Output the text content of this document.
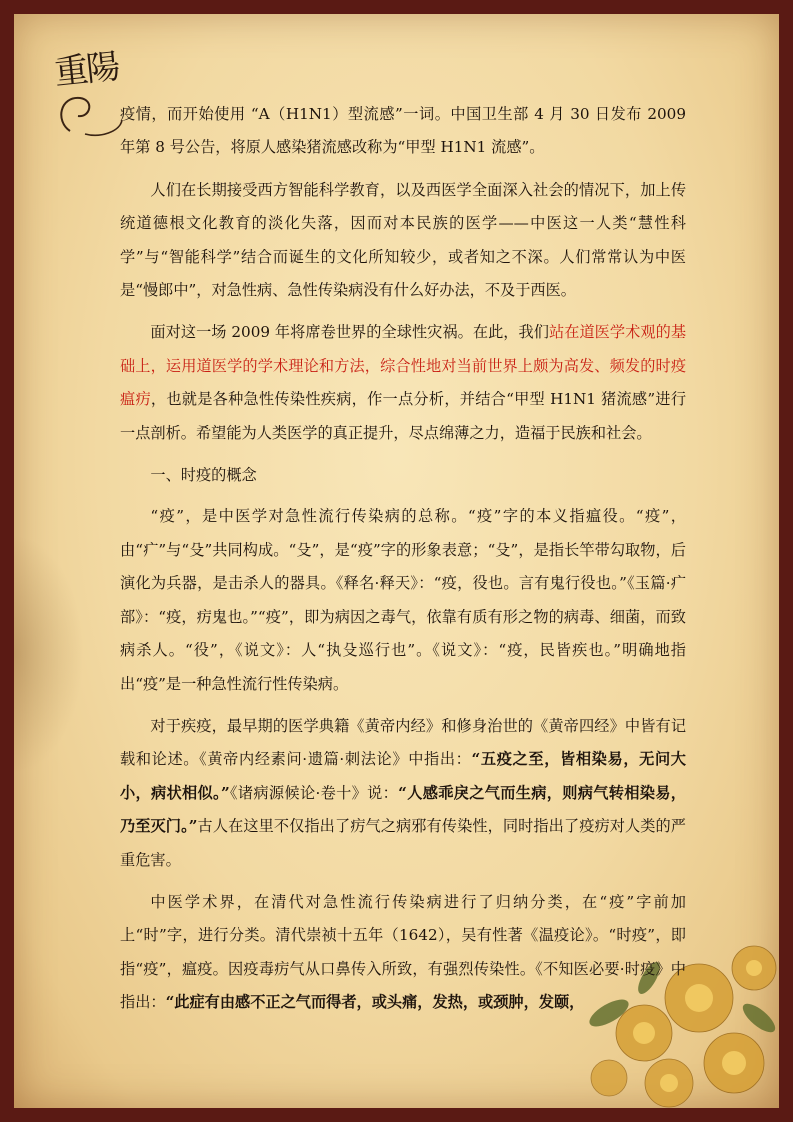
重陽

疫情，而开始使用 “A（H1N1）型流感”一词。中国卫生部 4 月 30 日发布 2009 年第 8 号公告，将原人感染猪流感改称为“甲型 H1N1 流感”。

人们在长期接受西方智能科学教育，以及西医学全面深入社会的情况下，加上传统道德根文化教育的淡化失落，因而对本民族的医学——中医这一人类“慧性科学”与“智能科学”结合而诞生的文化所知较少，或者知之不深。人们常常认为中医是“慢郎中”，对急性病、急性传染病没有什么好办法，不及于西医。

面对这一场 2009 年将席卷世界的全球性灾祸。在此，我们站在道医学术观的基础上，运用道医学的学术理论和方法，综合性地对当前世界上颇为高发、频发的时疫瘟疠，也就是各种急性传染性疾病，作一点分析，并结合“甲型 H1N1 猪流感”进行一点剖析。希望能为人类医学的真正提升，尽点绵薄之力，造福于民族和社会。

一、时疫的概念

“疫”，是中医学对急性流行传染病的总称。“疫”字的本义指瘟役。“疫”，由“疒”与“殳”共同构成。“殳”，是“疫”字的形象表意；“殳”，是指长竿带勾取物，后演化为兵器，是击杀人的器具。《释名·释天》：“疫，役也。言有鬼行役也。”《玉篇·疒部》：“疫，疠鬼也。”“疫”，即为病因之毒气，依靠有质有形之物的病毒、细菌，而致病杀人。“役”，《说文》：人“执殳巡行也”。《说文》：“疫，民皆疾也。”明确地指出“疫”是一种急性流行性传染病。

对于疾疫，最早期的医学典籍《黄帝内经》和修身治世的《黄帝四经》中皆有记载和论述。《黄帝内经素问·遗篇·刺法论》中指出：“五疫之至，皆相染易，无问大小，病状相似。”《诸病源候论·卷十》说：“人感乖戾之气而生病，则病气转相染易，乃至灭门。”古人在这里不仅指出了疠气之病邪有传染性，同时指出了疫疠对人类的严重危害。

中医学术界，在清代对急性流行传染病进行了归纳分类，在“疫”字前加上“时”字，进行分类。清代崇祯十五年（1642），吴有性著《温疫论》。“时疫”，即指“疫”，瘟疫。因疫毒疠气从口鼻传入所致，有强烈传染性。《不知医必要·时疫》中指出：“此症有由感不正之气而得者，或头痛，发热，或颈肿，发颐，
